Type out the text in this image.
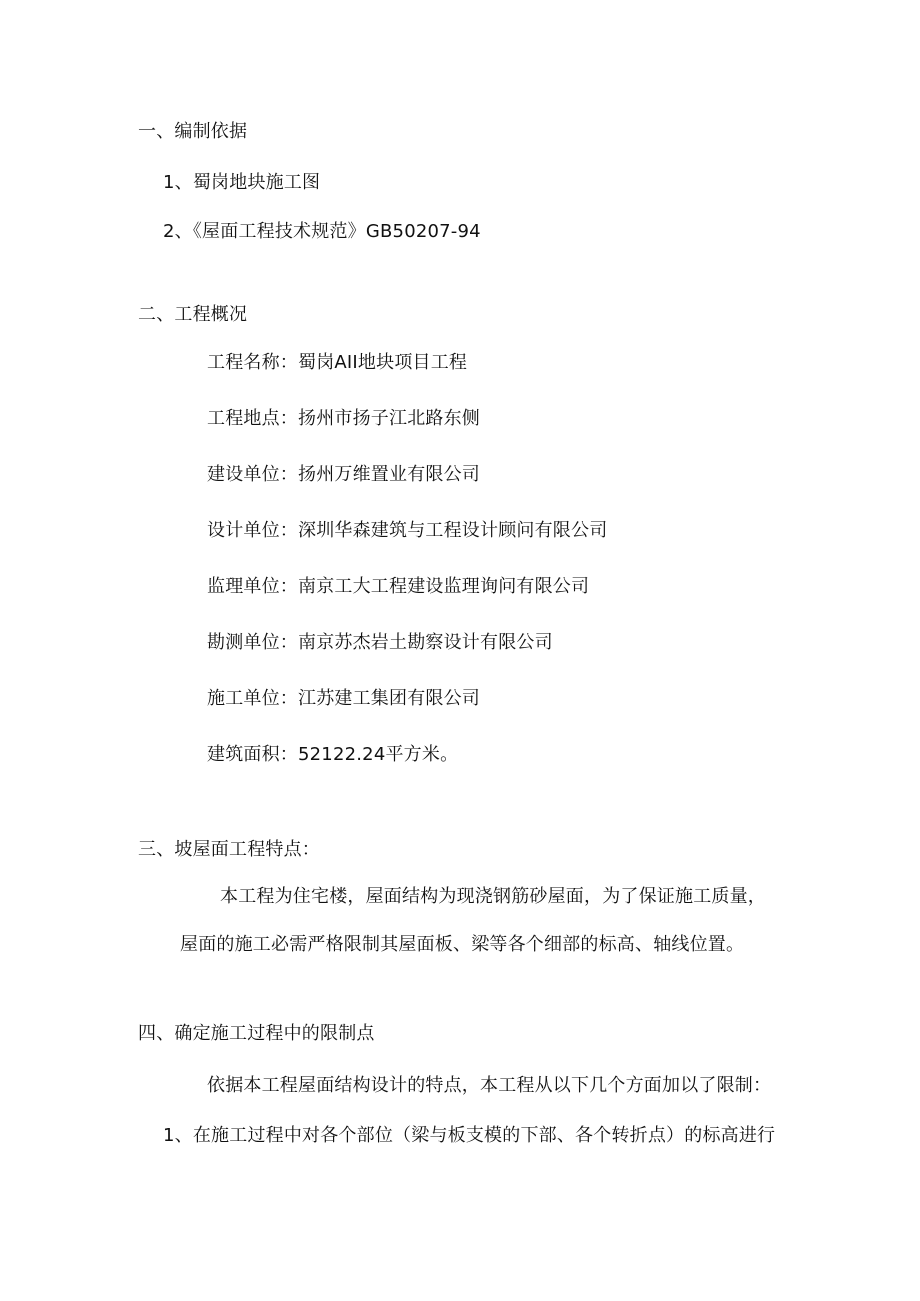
一、编制依据
1、蜀岗地块施工图
2、《屋面工程技术规范》GB50207-94
二、工程概况
工程名称：蜀岗AII地块项目工程
工程地点：扬州市扬子江北路东侧
建设单位：扬州万维置业有限公司
设计单位：深圳华森建筑与工程设计顾问有限公司
监理单位：南京工大工程建设监理询问有限公司
勘测单位：南京苏杰岩土勘察设计有限公司
施工单位：江苏建工集团有限公司
建筑面积：52122.24平方米。
三、坡屋面工程特点：
本工程为住宅楼，屋面结构为现浇钢筋砂屋面，为了保证施工质量，
屋面的施工必需严格限制其屋面板、梁等各个细部的标高、轴线位置。
四、确定施工过程中的限制点
依据本工程屋面结构设计的特点，本工程从以下几个方面加以了限制：
1、在施工过程中对各个部位（梁与板支模的下部、各个转折点）的标高进行
